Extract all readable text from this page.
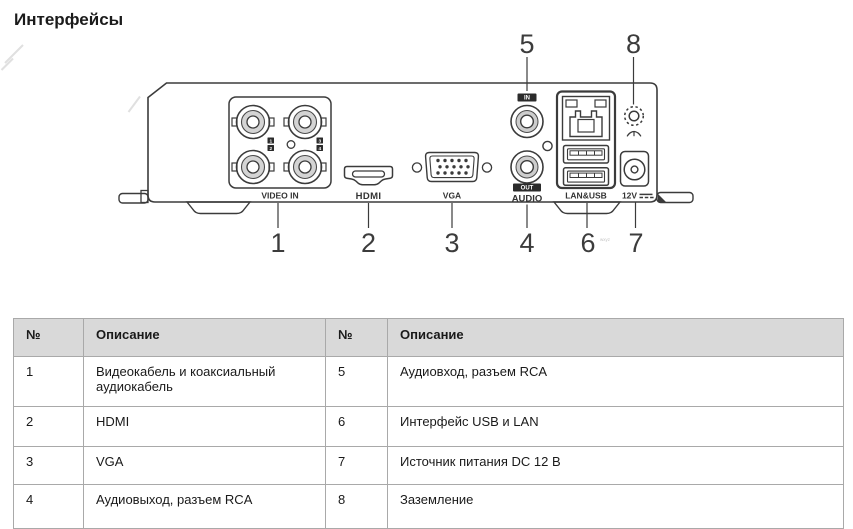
Интерфейсы
1
2
3
4
VIDEO IN	HDMI	VGA
IN
OUT
AUDIO	LAN&USB 12V
5	8
1	2	3 4 6 7
wxyz
№	Описание	№	Описание
1	Видеокабель и коаксиальный аудиокабель	5	Аудиовход, разъем RCA
2	HDMI	6	Интерфейс USB и LAN
3	VGA	7	Источник питания DC 12 В
4	Аудиовыход, разъем RCA	8	Заземление
